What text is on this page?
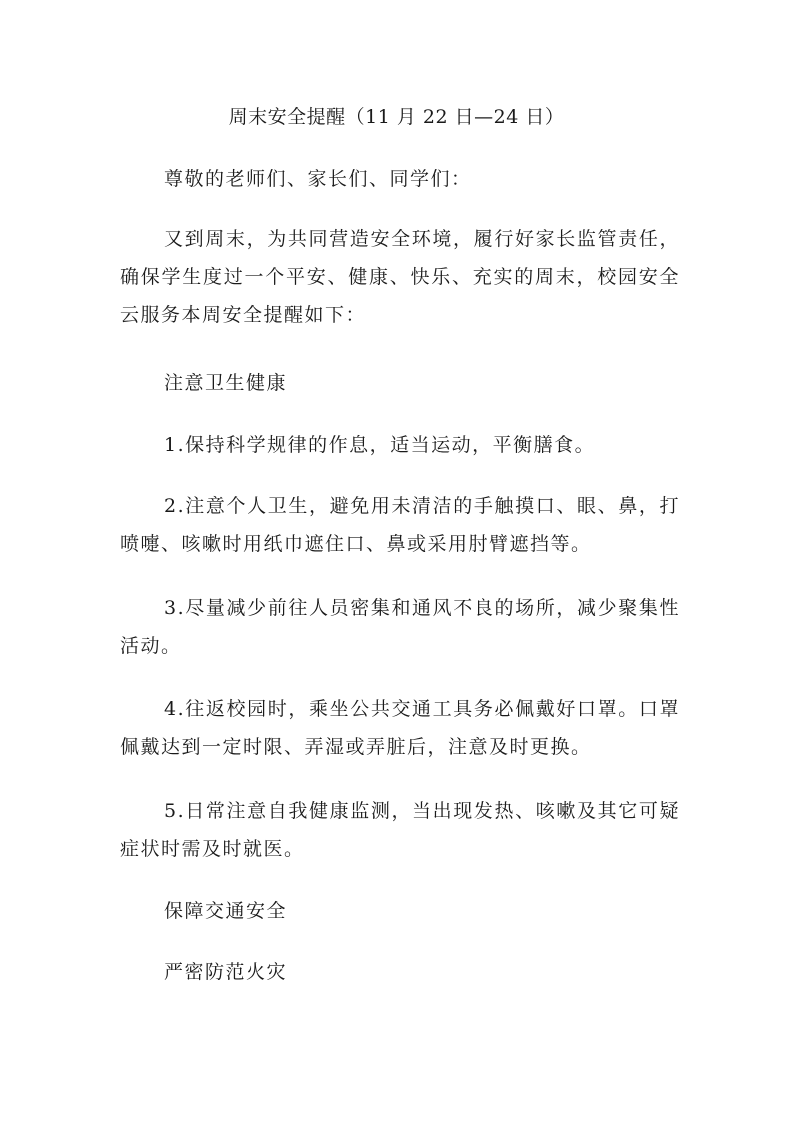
周末安全提醒（11 月 22 日—24 日）

尊敬的老师们、家长们、同学们：

又到周末，为共同营造安全环境，履行好家长监管责任，确保学生度过一个平安、健康、快乐、充实的周末，校园安全云服务本周安全提醒如下：

注意卫生健康

1.保持科学规律的作息，适当运动，平衡膳食。

2.注意个人卫生，避免用未清洁的手触摸口、眼、鼻，打喷嚏、咳嗽时用纸巾遮住口、鼻或采用肘臂遮挡等。

3.尽量减少前往人员密集和通风不良的场所，减少聚集性活动。

4.往返校园时，乘坐公共交通工具务必佩戴好口罩。口罩佩戴达到一定时限、弄湿或弄脏后，注意及时更换。

5.日常注意自我健康监测，当出现发热、咳嗽及其它可疑症状时需及时就医。

保障交通安全

严密防范火灾
